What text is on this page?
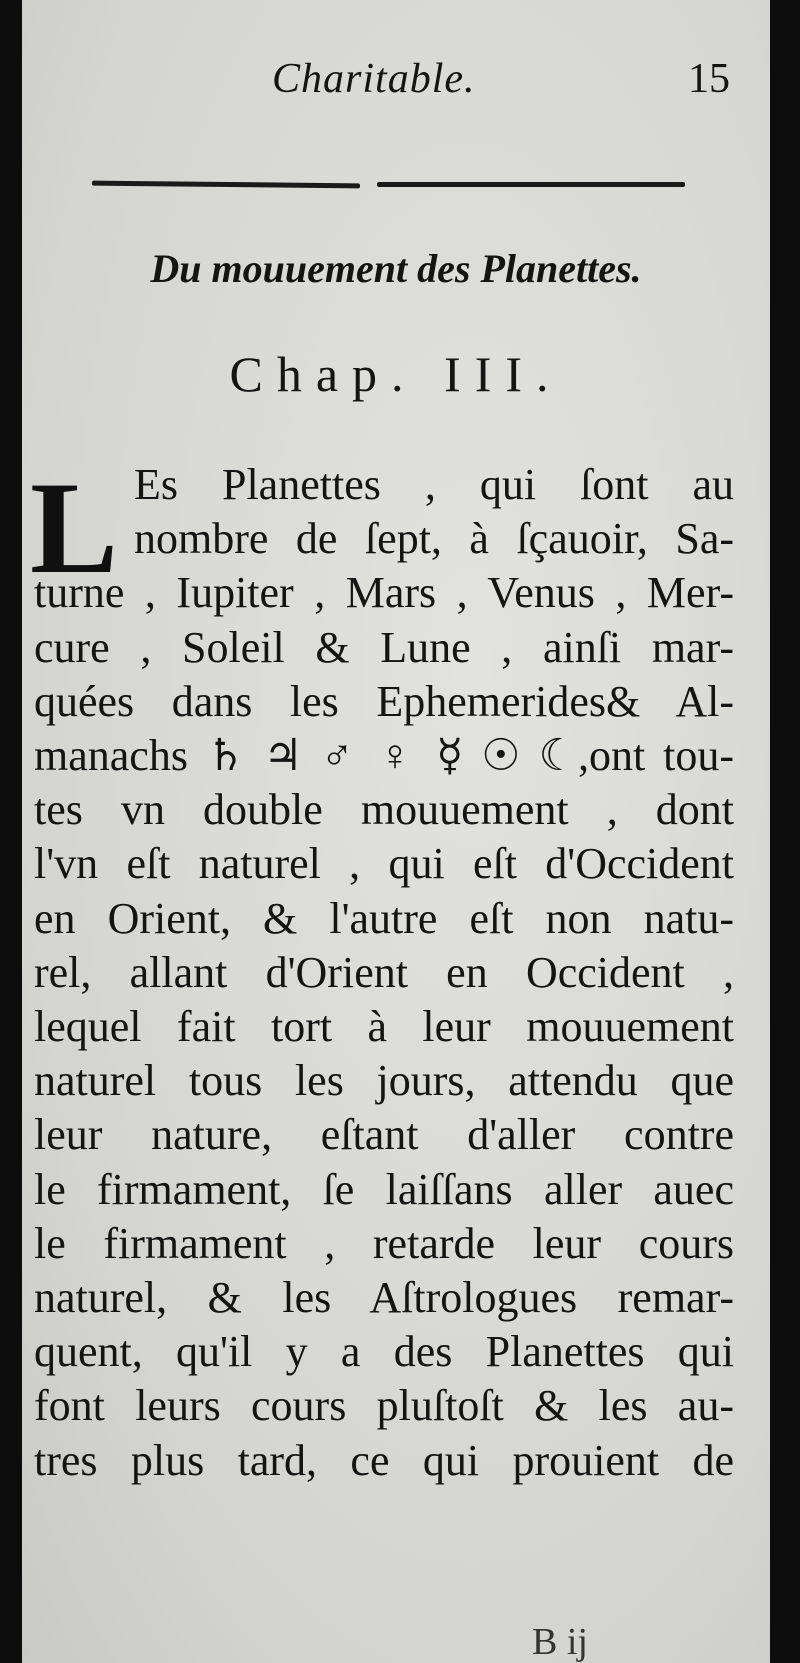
Charitable.	15
Du mouuement des Planettes.
Chap. III.
L Es Planettes , qui ſont au
nombre de ſept, à ſçauoir, Sa-
turne , Iupiter , Mars , Venus , Mer-
cure , Soleil & Lune , ainſi mar-
quées dans les Ephemerides& Al-
manachs ♄ ♃ ♂ ♀ ☿ ☉ ☾,ont tou-
tes vn double mouuement , dont
l'vn eſt naturel , qui eſt d'Occident
en Orient, & l'autre eſt non natu-
rel, allant d'Orient en Occident ,
lequel fait tort à leur mouuement
naturel tous les jours, attendu que
leur nature, eſtant d'aller contre
le firmament, ſe laiſſans aller auec
le firmament , retarde leur cours
naturel, & les Aſtrologues remar-
quent, qu'il y a des Planettes qui
font leurs cours pluſtoſt & les au-
tres plus tard, ce qui prouient de
B ij
